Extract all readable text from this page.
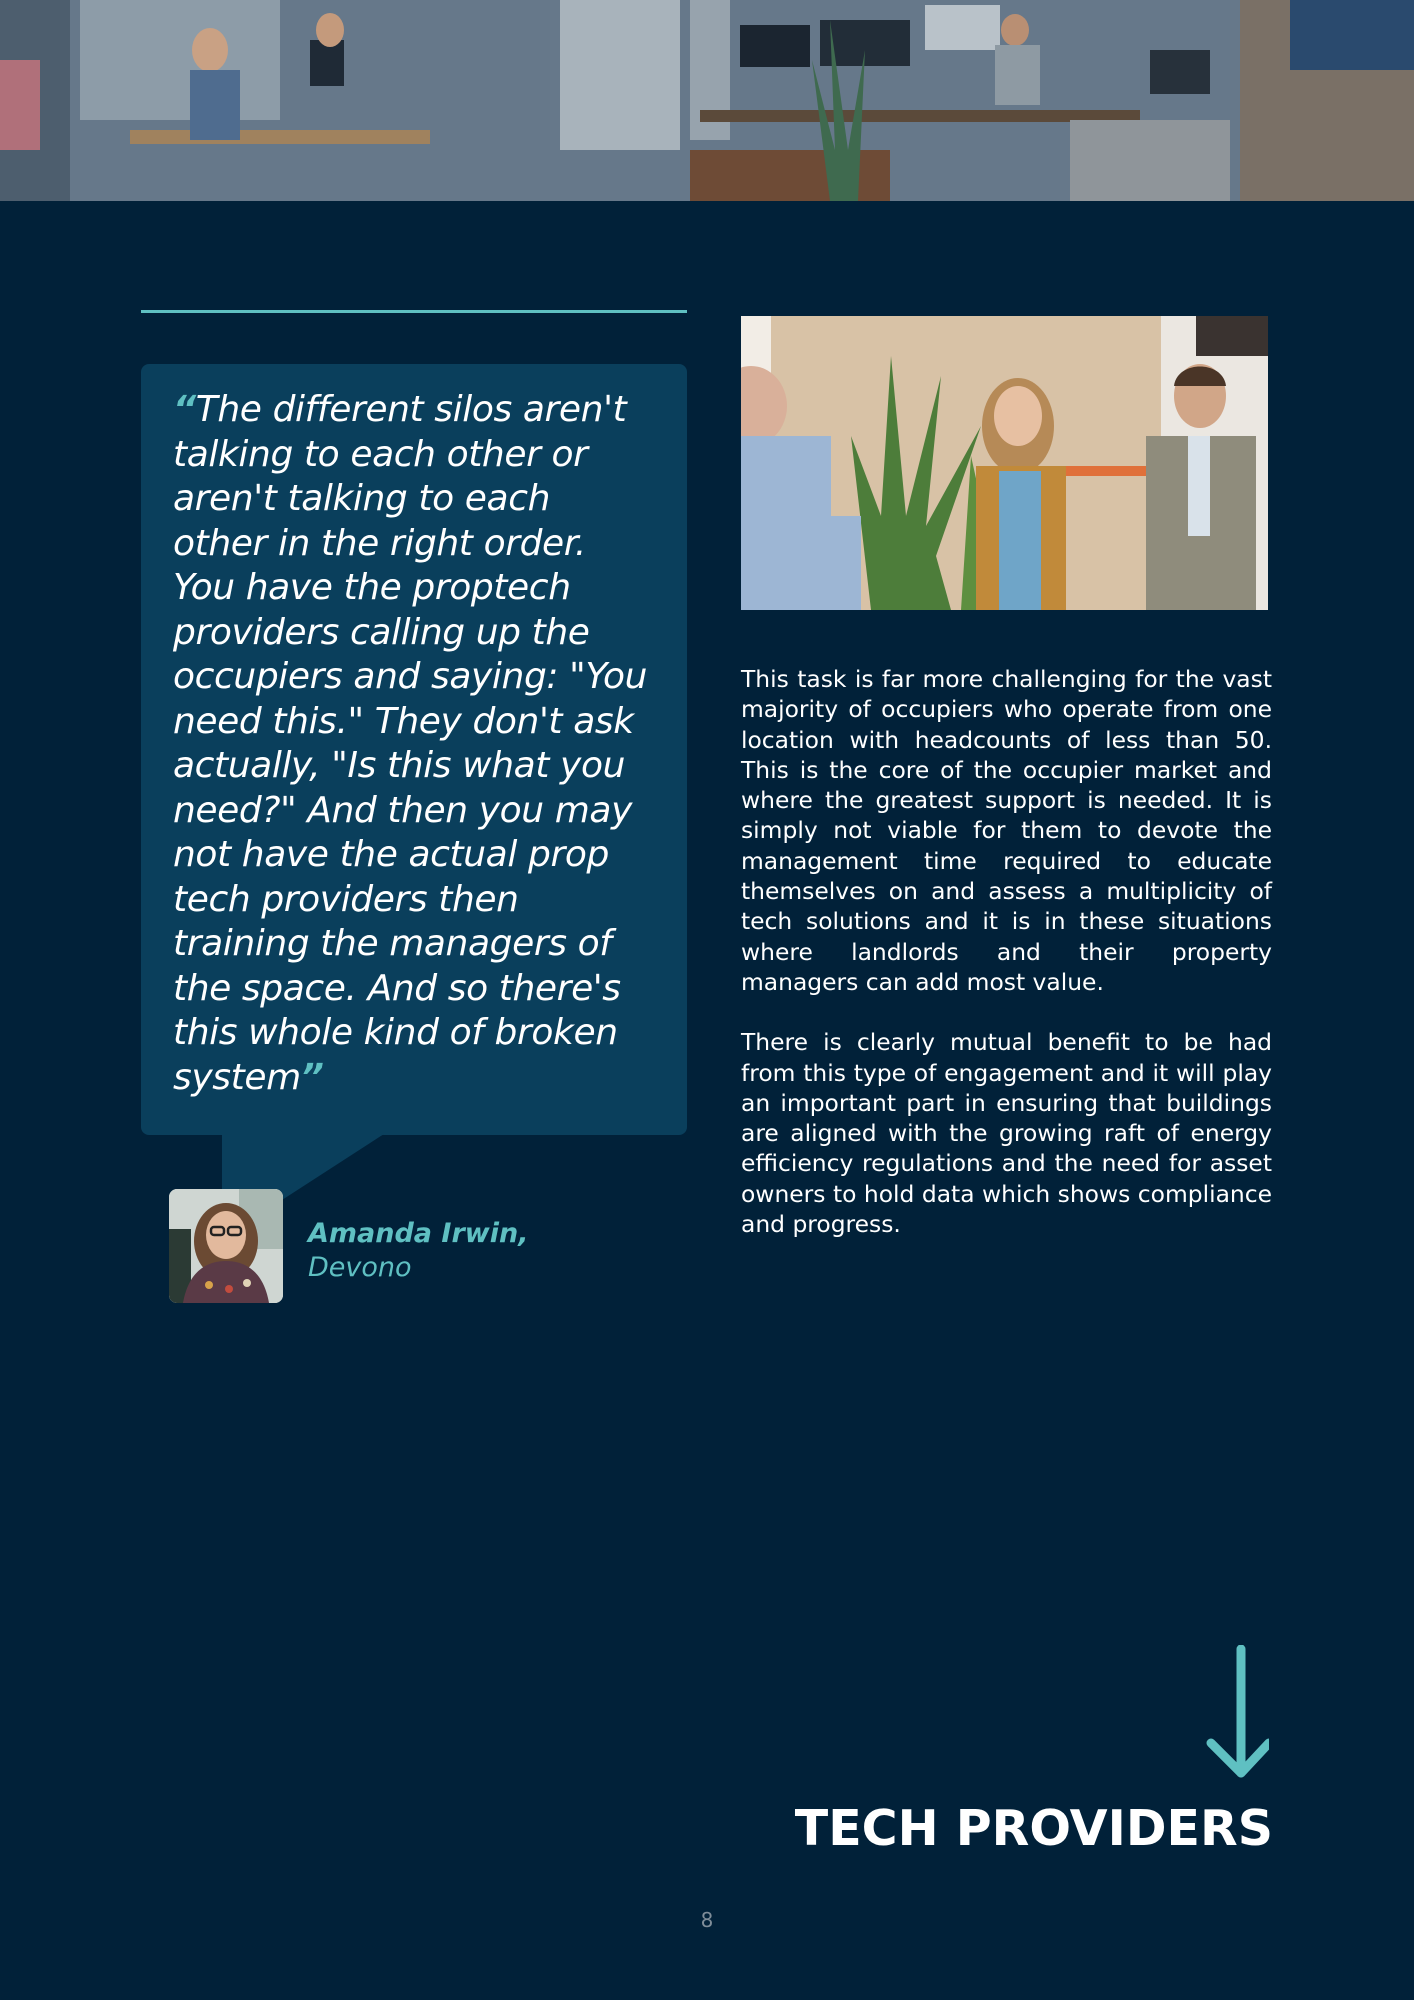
“The different silos aren't talking to each other or aren't talking to each other in the right order. You have the proptech providers calling up the occupiers and saying: "You need this." They don't ask actually, "Is this what you need?" And then you may not have the actual prop tech providers then training the managers of the space. And so there's this whole kind of broken system”

Amanda Irwin,
Devono

This task is far more challenging for the vast majority of occupiers who operate from one location with headcounts of less than 50. This is the core of the occupier market and where the greatest support is needed. It is simply not viable for them to devote the management time required to educate themselves on and assess a multiplicity of tech solutions and it is in these situations where landlords and their property managers can add most value.

There is clearly mutual benefit to be had from this type of engagement and it will play an important part in ensuring that buildings are aligned with the growing raft of energy efficiency regulations and the need for asset owners to hold data which shows compliance and progress.

TECH PROVIDERS
8
